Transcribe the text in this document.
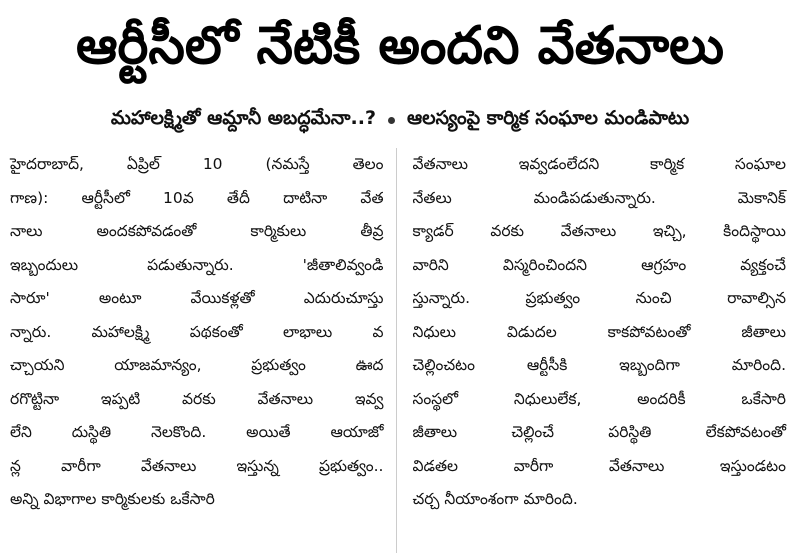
ఆర్టీసీలో నేటికీ అందని వేతనాలు
మహాలక్ష్మితో ఆమ్దానీ అబద్ధమేనా..? ఆలస్యంపై కార్మిక సంఘాల మండిపాటు
హైదరాబాద్, ఏప్రిల్ 10 (నమస్తే తెలం
గాణ): ఆర్టీసీలో 10వ తేదీ దాటినా వేత
నాలు అందకపోవడంతో కార్మికులు తీవ్ర
ఇబ్బందులు పడుతున్నారు. 'జీతాలివ్వండి
సారూ' అంటూ వేయికళ్లతో ఎదురుచూస్తు
న్నారు. మహాలక్ష్మి పథకంతో లాభాలు వ
చ్చాయని యాజమాన్యం, ప్రభుత్వం ఊద
రగొట్టినా ఇప్పటి వరకు వేతనాలు ఇవ్వ
లేని దుస్థితి నెలకొంది. అయితే ఆయాజో
న్ల వారీగా వేతనాలు ఇస్తున్న ప్రభుత్వం..
అన్ని విభాగాల కార్మికులకు ఒకేసారి
వేతనాలు ఇవ్వడంలేదని కార్మిక సంఘాల
నేతలు మండిపడుతున్నారు. మెకానిక్
క్యాడర్ వరకు వేతనాలు ఇచ్చి, కిందిస్థాయి
వారిని విస్మరించిందని ఆగ్రహం వ్యక్తంచే
స్తున్నారు. ప్రభుత్వం నుంచి రావాల్సిన
నిధులు విడుదల కాకపోవటంతో జీతాలు
చెల్లించటం ఆర్టీసీకి ఇబ్బందిగా మారింది.
సంస్థలో నిధులులేక, అందరికీ ఒకేసారి
జీతాలు చెల్లించే పరిస్థితి లేకపోవటంతో
విడతల వారీగా వేతనాలు ఇస్తుండటం
చర్చ నీయాంశంగా మారింది.
